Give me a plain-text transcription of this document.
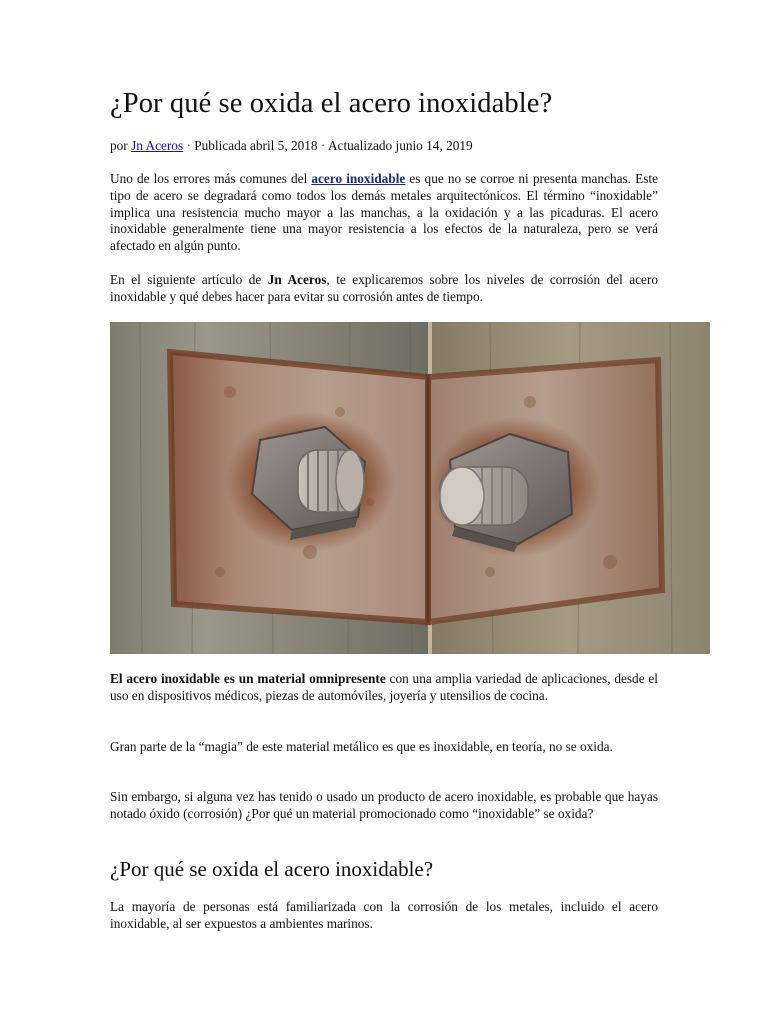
¿Por qué se oxida el acero inoxidable?
por Jn Aceros · Publicada abril 5, 2018 · Actualizado junio 14, 2019

Uno de los errores más comunes del acero inoxidable es que no se corroe ni presenta manchas. Este tipo de acero se degradará como todos los demás metales arquitectónicos. El término “inoxidable” implica una resistencia mucho mayor a las manchas, a la oxidación y a las picaduras. El acero inoxidable generalmente tiene una mayor resistencia a los efectos de la naturaleza, pero se verá afectado en algún punto.

En el siguiente artículo de Jn Aceros, te explicaremos sobre los niveles de corrosión del acero inoxidable y qué debes hacer para evitar su corrosión antes de tiempo.

El acero inoxidable es un material omnipresente con una amplia variedad de aplicaciones, desde el uso en dispositivos médicos, piezas de automóviles, joyería y utensilios de cocina.

Gran parte de la “magia” de este material metálico es que es inoxidable, en teoría, no se oxida.

Sin embargo, si alguna vez has tenido o usado un producto de acero inoxidable, es probable que hayas notado óxido (corrosión) ¿Por qué un material promocionado como “inoxidable” se oxida?

¿Por qué se oxida el acero inoxidable?

La mayoría de personas está familiarizada con la corrosión de los metales, incluido el acero inoxidable, al ser expuestos a ambientes marinos.
